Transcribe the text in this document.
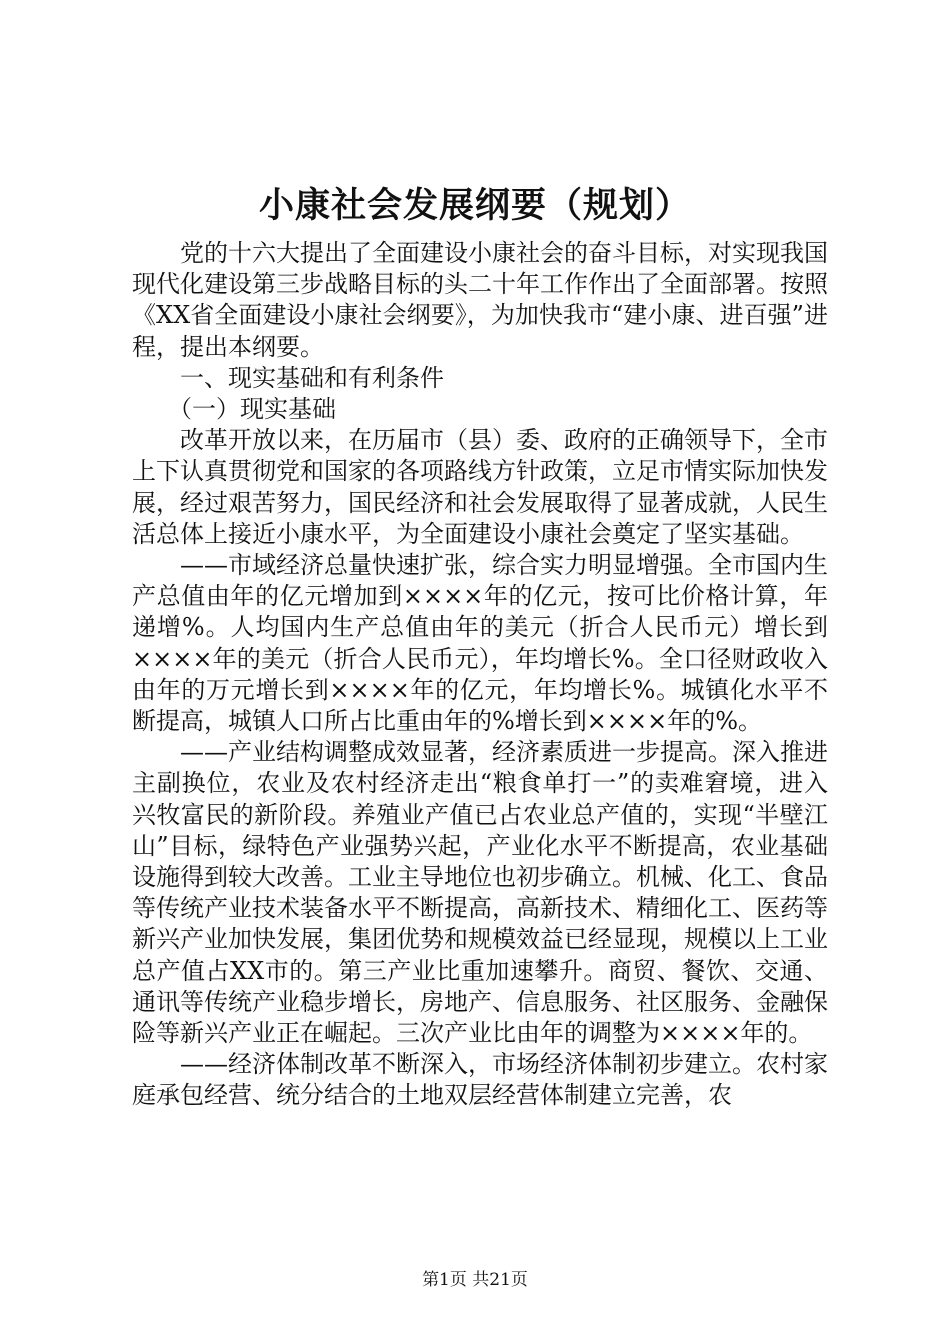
小康社会发展纲要（规划）

党的十六大提出了全面建设小康社会的奋斗目标，对实现我国现代化建设第三步战略目标的头二十年工作作出了全面部署。按照《XX省全面建设小康社会纲要》，为加快我市“建小康、进百强”进程，提出本纲要。

一、现实基础和有利条件

（一）现实基础

改革开放以来，在历届市（县）委、政府的正确领导下，全市上下认真贯彻党和国家的各项路线方针政策，立足市情实际加快发展，经过艰苦努力，国民经济和社会发展取得了显著成就，人民生活总体上接近小康水平，为全面建设小康社会奠定了坚实基础。

——市域经济总量快速扩张，综合实力明显增强。全市国内生产总值由年的亿元增加到××××年的亿元，按可比价格计算，年递增%。人均国内生产总值由年的美元（折合人民币元）增长到××××年的美元（折合人民币元），年均增长%。全口径财政收入由年的万元增长到××××年的亿元，年均增长%。城镇化水平不断提高，城镇人口所占比重由年的%增长到××××年的%。

——产业结构调整成效显著，经济素质进一步提高。深入推进主副换位，农业及农村经济走出“粮食单打一”的卖难窘境，进入兴牧富民的新阶段。养殖业产值已占农业总产值的，实现“半壁江山”目标，绿特色产业强势兴起，产业化水平不断提高，农业基础设施得到较大改善。工业主导地位也初步确立。机械、化工、食品等传统产业技术装备水平不断提高，高新技术、精细化工、医药等新兴产业加快发展，集团优势和规模效益已经显现，规模以上工业总产值占XX市的。第三产业比重加速攀升。商贸、餐饮、交通、通讯等传统产业稳步增长，房地产、信息服务、社区服务、金融保险等新兴产业正在崛起。三次产业比由年的调整为××××年的。

——经济体制改革不断深入，市场经济体制初步建立。农村家庭承包经营、统分结合的土地双层经营体制建立完善，农

第1页 共21页
